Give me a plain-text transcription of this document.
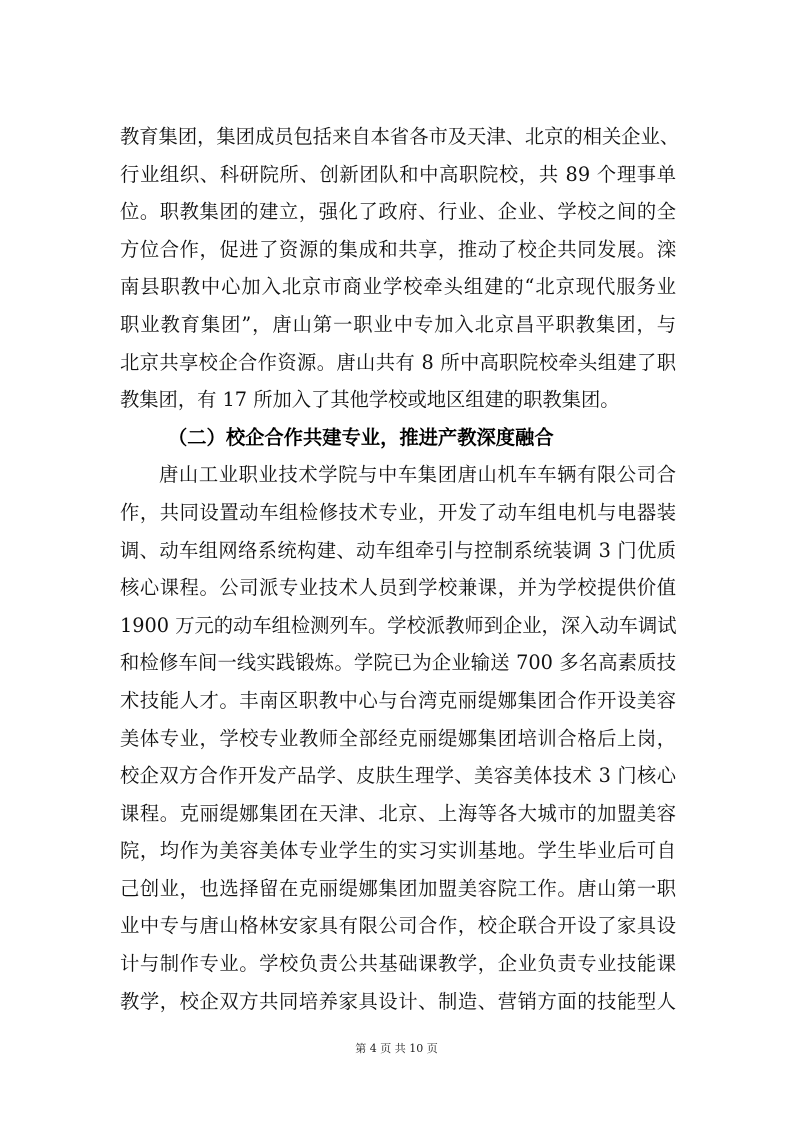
教育集团，集团成员包括来自本省各市及天津、北京的相关企业、
行业组织、科研院所、创新团队和中高职院校，共 89 个理事单
位。职教集团的建立，强化了政府、行业、企业、学校之间的全
方位合作，促进了资源的集成和共享，推动了校企共同发展。滦
南县职教中心加入北京市商业学校牵头组建的“北京现代服务业
职业教育集团”，唐山第一职业中专加入北京昌平职教集团，与
北京共享校企合作资源。唐山共有 8 所中高职院校牵头组建了职
教集团，有 17 所加入了其他学校或地区组建的职教集团。
（二）校企合作共建专业，推进产教深度融合
唐山工业职业技术学院与中车集团唐山机车车辆有限公司合
作，共同设置动车组检修技术专业，开发了动车组电机与电器装
调、动车组网络系统构建、动车组牵引与控制系统装调 3 门优质
核心课程。公司派专业技术人员到学校兼课，并为学校提供价值
1900 万元的动车组检测列车。学校派教师到企业，深入动车调试
和检修车间一线实践锻炼。学院已为企业输送 700 多名高素质技
术技能人才。丰南区职教中心与台湾克丽缇娜集团合作开设美容
美体专业，学校专业教师全部经克丽缇娜集团培训合格后上岗，
校企双方合作开发产品学、皮肤生理学、美容美体技术 3 门核心
课程。克丽缇娜集团在天津、北京、上海等各大城市的加盟美容
院，均作为美容美体专业学生的实习实训基地。学生毕业后可自
己创业，也选择留在克丽缇娜集团加盟美容院工作。唐山第一职
业中专与唐山格林安家具有限公司合作，校企联合开设了家具设
计与制作专业。学校负责公共基础课教学，企业负责专业技能课
教学，校企双方共同培养家具设计、制造、营销方面的技能型人
第 4 页 共 10 页
